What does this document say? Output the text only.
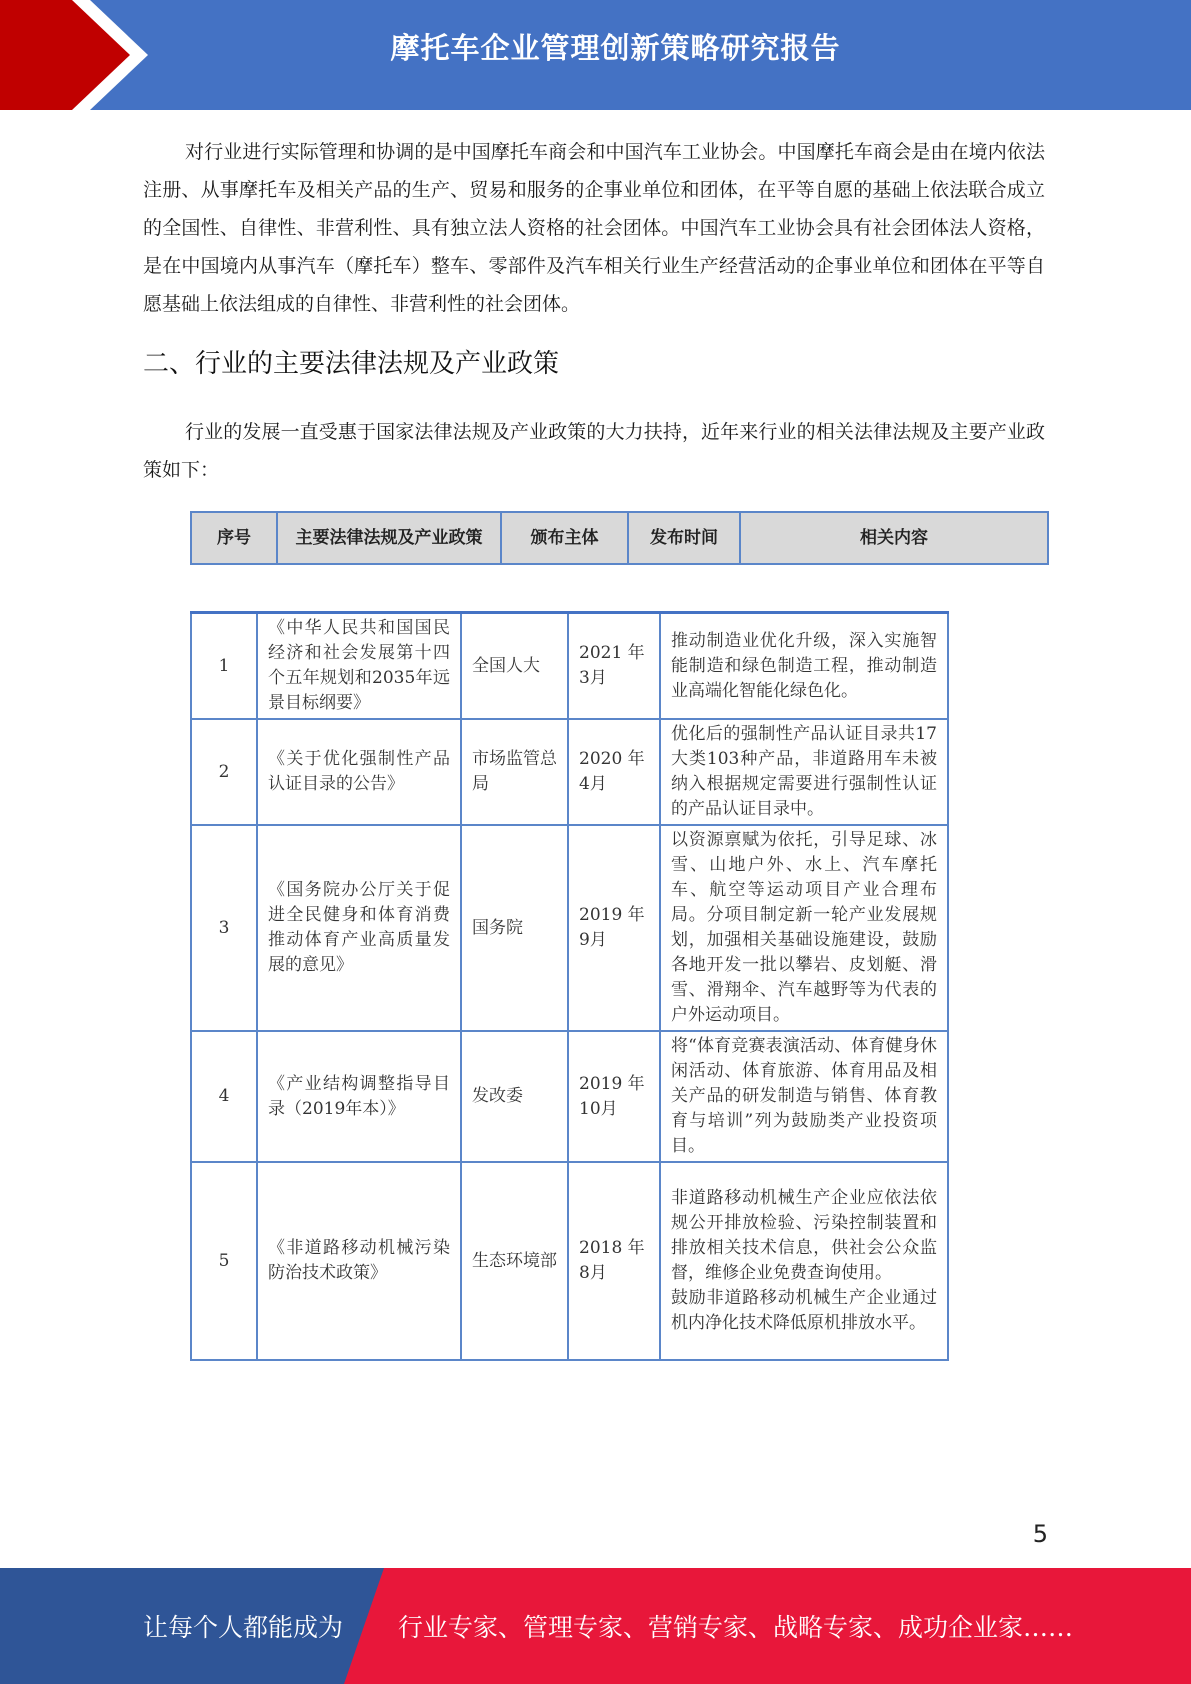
摩托车企业管理创新策略研究报告

对行业进行实际管理和协调的是中国摩托车商会和中国汽车工业协会。中国摩托车商会是由在境内依法注册、从事摩托车及相关产品的生产、贸易和服务的企事业单位和团体，在平等自愿的基础上依法联合成立的全国性、自律性、非营利性、具有独立法人资格的社会团体。中国汽车工业协会具有社会团体法人资格，是在中国境内从事汽车（摩托车）整车、零部件及汽车相关行业生产经营活动的企事业单位和团体在平等自愿基础上依法组成的自律性、非营利性的社会团体。

二、行业的主要法律法规及产业政策

行业的发展一直受惠于国家法律法规及产业政策的大力扶持，近年来行业的相关法律法规及主要产业政策如下：

序号	主要法律法规及产业政策	颁布主体	发布时间	相关内容
1	《中华人民共和国国民经济和社会发展第十四个五年规划和2035年远景目标纲要》	全国人大	2021 年 3月	推动制造业优化升级，深入实施智能制造和绿色制造工程，推动制造业高端化智能化绿色化。
2	《关于优化强制性产品认证目录的公告》	市场监管总局	2020 年 4月	优化后的强制性产品认证目录共17大类103种产品，非道路用车未被纳入根据规定需要进行强制性认证的产品认证目录中。
3	《国务院办公厅关于促进全民健身和体育消费推动体育产业高质量发展的意见》	国务院	2019 年 9月	以资源禀赋为依托，引导足球、冰雪、山地户外、水上、汽车摩托车、航空等运动项目产业合理布局。分项目制定新一轮产业发展规划，加强相关基础设施建设，鼓励各地开发一批以攀岩、皮划艇、滑雪、滑翔伞、汽车越野等为代表的户外运动项目。
4	《产业结构调整指导目录（2019年本）》	发改委	2019 年 10月	将“体育竞赛表演活动、体育健身休闲活动、体育旅游、体育用品及相关产品的研发制造与销售、体育教育与培训”列为鼓励类产业投资项目。
5	《非道路移动机械污染防治技术政策》	生态环境部	2018 年 8月	非道路移动机械生产企业应依法依规公开排放检验、污染控制装置和排放相关技术信息，供社会公众监督，维修企业免费查询使用。
鼓励非道路移动机械生产企业通过机内净化技术降低原机排放水平。
5
让每个人都能成为 行业专家、管理专家、营销专家、战略专家、成功企业家……
